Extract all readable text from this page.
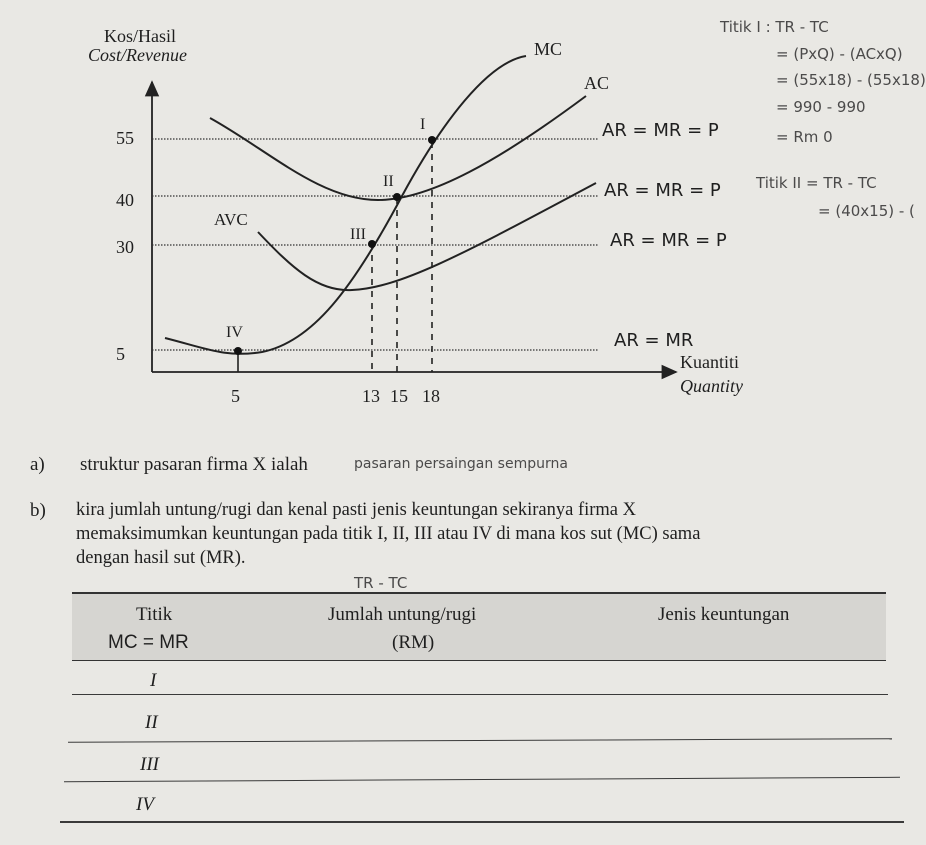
Kos/Hasil
Cost/Revenue
55
40
30
5
5	13 15 18
MC
AC
AVC
I
II
III
IV
AR = MR = P
AR = MR = P
AR = MR = P
AR = MR
Kuantiti
Quantity
Titik I : TR - TC
= (PxQ) - (ACxQ)
= (55x18) - (55x18)
= 990 - 990
= Rm 0
Titik II = TR - TC
= (40x15) - (
a) struktur pasaran firma X ialah	pasaran persaingan sempurna
b) kira jumlah untung/rugi dan kenal pasti jenis keuntungan sekiranya firma X
memaksimumkan keuntungan pada titik I, II, III atau IV di mana kos sut (MC) sama
dengan hasil sut (MR).
TR - TC
Titik
MC = MR
Jumlah untung/rugi
(RM)
Jenis keuntungan
I
II
III
IV
